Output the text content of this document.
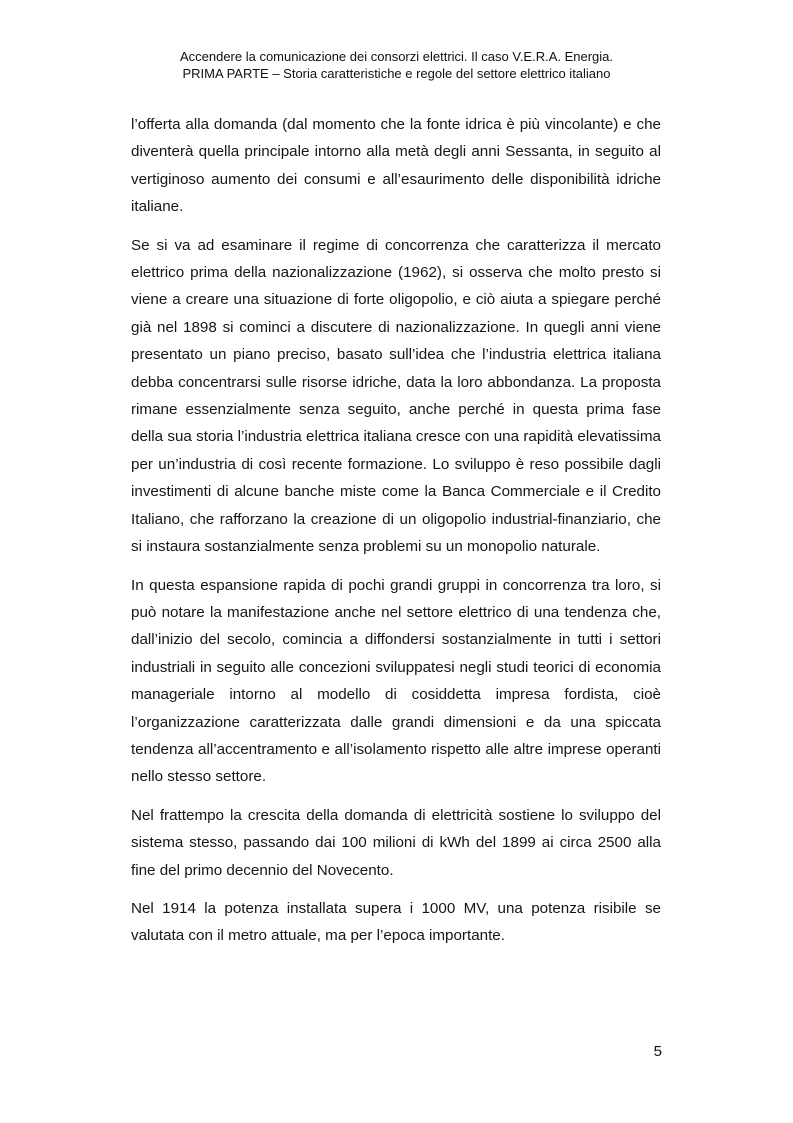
Accendere la comunicazione dei consorzi elettrici. Il caso V.E.R.A. Energia.
PRIMA PARTE – Storia caratteristiche e regole del settore elettrico italiano

l’offerta alla domanda (dal momento che la fonte idrica è più vincolante) e che diventerà quella principale intorno alla metà degli anni Sessanta, in seguito al vertiginoso aumento dei consumi e all’esaurimento delle disponibilità idriche italiane.

Se si va ad esaminare il regime di concorrenza che caratterizza il mercato elettrico prima della nazionalizzazione (1962), si osserva che molto presto si viene a creare una situazione di forte oligopolio, e ciò aiuta a spiegare perché già nel 1898 si cominci a discutere di nazionalizzazione. In quegli anni viene presentato un piano preciso, basato sull’idea che l’industria elettrica italiana debba concentrarsi sulle risorse idriche, data la loro abbondanza. La proposta rimane essenzialmente senza seguito, anche perché in questa prima fase della sua storia l’industria elettrica italiana cresce con una rapidità elevatissima per un’industria di così recente formazione. Lo sviluppo è reso possibile dagli investimenti di alcune banche miste come la Banca Commerciale e il Credito Italiano, che rafforzano la creazione di un oligopolio industrial-finanziario, che si instaura sostanzialmente senza problemi su un monopolio naturale.

In questa espansione rapida di pochi grandi gruppi in concorrenza tra loro, si può notare la manifestazione anche nel settore elettrico di una tendenza che, dall’inizio del secolo, comincia a diffondersi sostanzialmente in tutti i settori industriali in seguito alle concezioni sviluppatesi negli studi teorici di economia manageriale intorno al modello di cosiddetta impresa fordista, cioè l’organizzazione caratterizzata dalle grandi dimensioni e da una spiccata tendenza all’accentramento e all’isolamento rispetto alle altre imprese operanti nello stesso settore.

Nel frattempo la crescita della domanda di elettricità sostiene lo sviluppo del sistema stesso, passando dai 100 milioni di kWh del 1899 ai circa 2500 alla fine del primo decennio del Novecento.

Nel 1914 la potenza installata supera i 1000 MV, una potenza risibile se valutata con il metro attuale, ma per l’epoca importante.

5
